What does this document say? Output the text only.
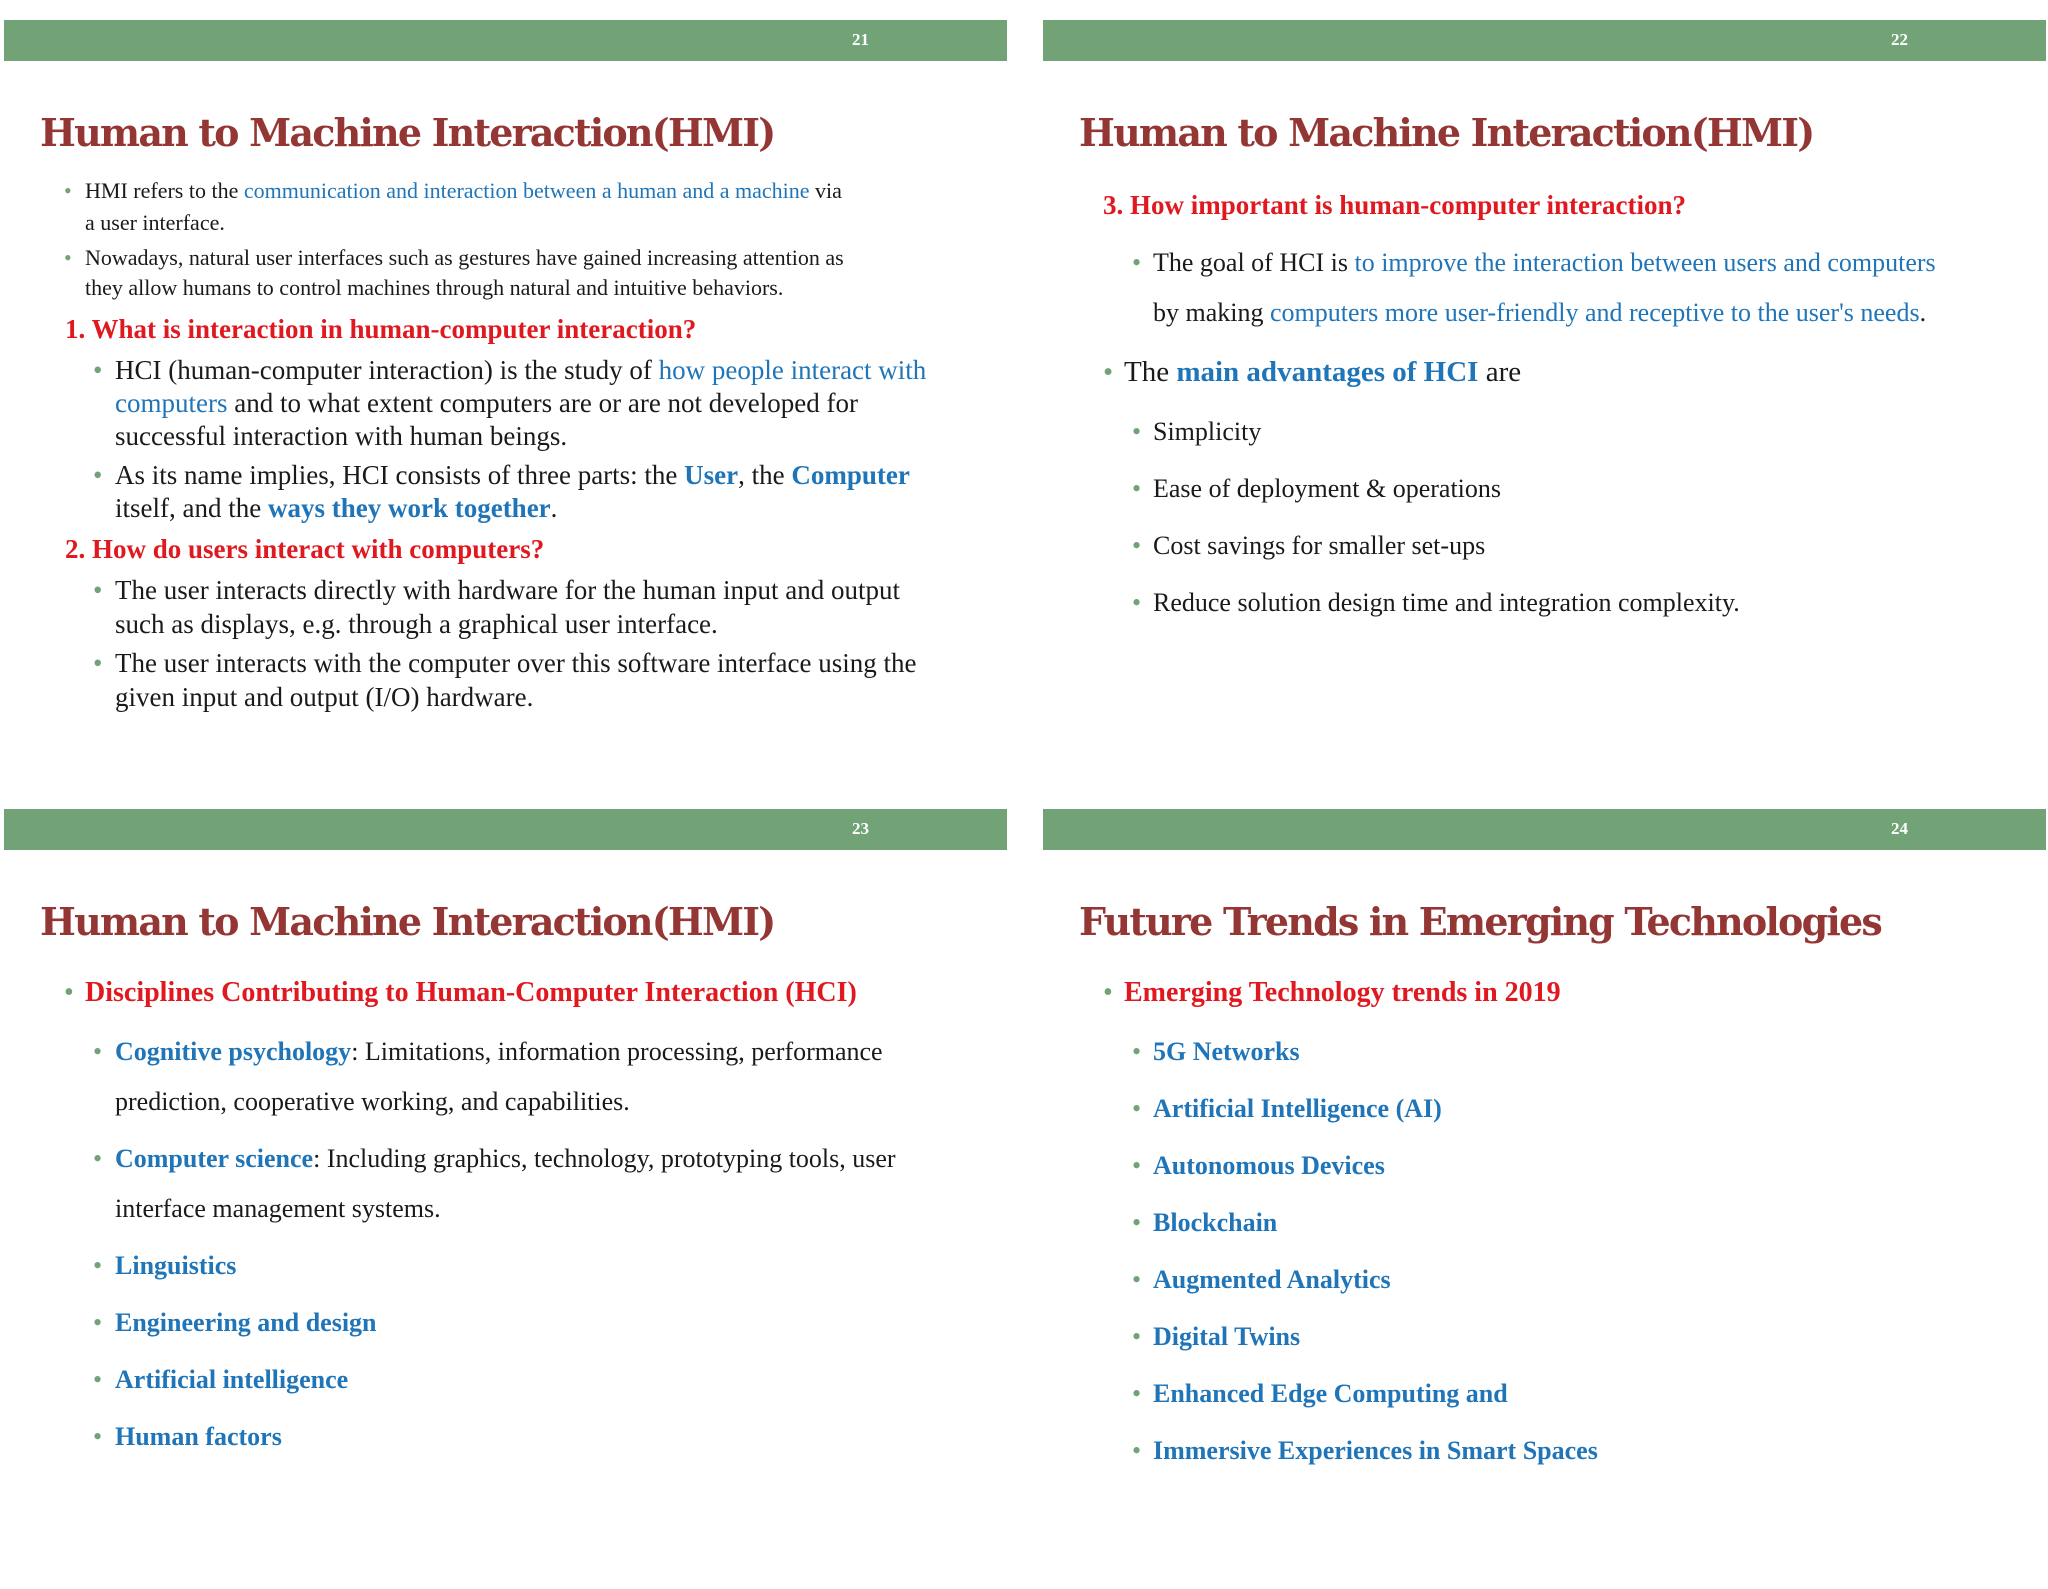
21
Human to Machine Interaction(HMI)
• HMI refers to the communication and interaction between a human and a machine via
a user interface.
• Nowadays, natural user interfaces such as gestures have gained increasing attention as
they allow humans to control machines through natural and intuitive behaviors.
1. What is interaction in human-computer interaction?
• HCI (human-computer interaction) is the study of how people interact with
computers and to what extent computers are or are not developed for
successful interaction with human beings.
• As its name implies, HCI consists of three parts: the User, the Computer
itself, and the ways they work together.
2. How do users interact with computers?
• The user interacts directly with hardware for the human input and output
such as displays, e.g. through a graphical user interface.
• The user interacts with the computer over this software interface using the
given input and output (I/O) hardware.
22
Human to Machine Interaction(HMI)
3. How important is human-computer interaction?
• The goal of HCI is to improve the interaction between users and computers
by making computers more user-friendly and receptive to the user's needs.
• The main advantages of HCI are
• Simplicity
• Ease of deployment & operations
• Cost savings for smaller set-ups
• Reduce solution design time and integration complexity.
23
Human to Machine Interaction(HMI)
• Disciplines Contributing to Human-Computer Interaction (HCI)
• Cognitive psychology: Limitations, information processing, performance
prediction, cooperative working, and capabilities.
• Computer science: Including graphics, technology, prototyping tools, user
interface management systems.
• Linguistics
• Engineering and design
• Artificial intelligence
• Human factors
24
Future Trends in Emerging Technologies
• Emerging Technology trends in 2019
• 5G Networks
• Artificial Intelligence (AI)
• Autonomous Devices
• Blockchain
• Augmented Analytics
• Digital Twins
• Enhanced Edge Computing and
• Immersive Experiences in Smart Spaces
